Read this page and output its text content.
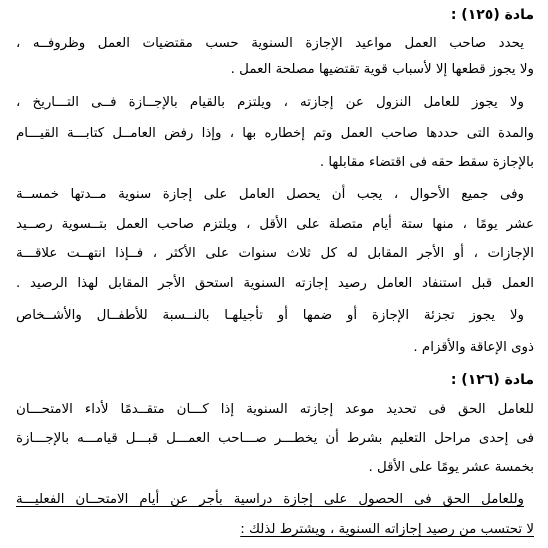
مادة (١٢٥) :
يحدد صاحب العمل مواعيد الإجازة السنوية حسب مقتضيات العمل وظروفــه ،
ولا يجوز قطعها إلا لأسباب قوية تقتضيها مصلحة العمل .
ولا يجوز للعامل النزول عن إجازته ، ويلتزم بالقيام بالإجــازة فــى التـــاريخ ،
والمدة التى حددها صاحب العمل وتم إخطاره بها ، وإذا رفض العامــل كتابـــة القيـــام
بالإجازة سقط حقه فى اقتضاء مقابلها .
وفى جميع الأحوال ، يجب أن يحصل العامل على إجازة سنوية مــدتها خمســة
عشر يومًا ، منها ستة أيام متصلة على الأقل ، ويلتزم صاحب العمل بتــسوية رصــيد
الإجازات ، أو الأجر المقابل له كل ثلاث سنوات على الأكثر ، فــإذا انتهــت علاقـــة
العمل قبل استنفاد العامل رصيد إجازته السنوية استحق الأجر المقابل لهذا الرصيد .
ولا يجوز تجزئة الإجازة أو ضمها أو تأجيلهـا بالنــسبة للأطفــال والأشــخاص
ذوى الإعاقة والأقزام .
مادة (١٢٦) :
للعامل الحق فى تحديد موعد إجازته السنوية إذا كـــان متقــدمًا لأداء الامتحـــان
فى إحدى مراحل التعليم بشرط أن يخطـــر صـــاحب العمـــل قبـــل قيامـــه بالإجـــازة
بخمسة عشر يومًا على الأقل .
وللعامل الحق فى الحصول على إجازة دراسية بأجر عن أيام الامتحــان الفعليـــة
لا تحتسب من رصيد إجازاته السنوية ، ويشترط لذلك :
